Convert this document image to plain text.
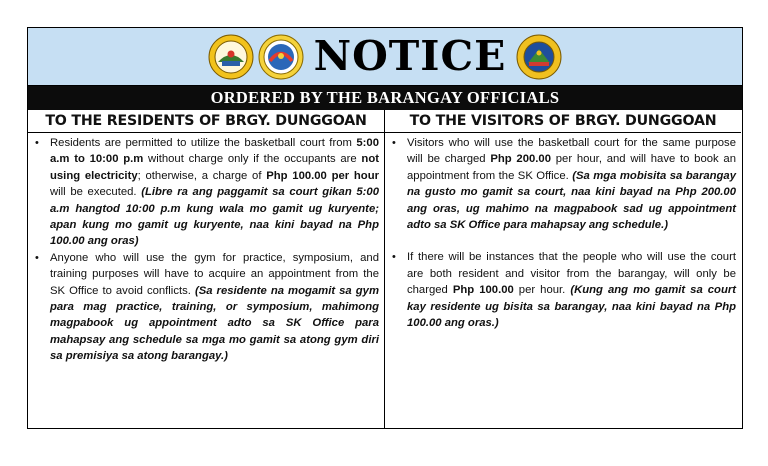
NOTICE
ORDERED BY THE BARANGAY OFFICIALS
TO THE RESIDENTS OF BRGY. DUNGGOAN
• Residents are permitted to utilize the basketball court from 5:00 a.m to 10:00 p.m without charge only if the occupants are not using electricity; otherwise, a charge of Php 100.00 per hour will be executed. (Libre ra ang paggamit sa court gikan 5:00 a.m hangtod 10:00 p.m kung wala mo gamit ug kuryente; apan kung mo gamit ug kuryente, naa kini bayad na Php 100.00 ang oras)
• Anyone who will use the gym for practice, symposium, and training purposes will have to acquire an appointment from the SK Office to avoid conflicts. (Sa residente na mogamit sa gym para mag practice, training, or symposium, mahimong magpabook ug appointment adto sa SK Office para mahapsay ang schedule sa mga mo gamit sa atong gym diri sa premisiya sa atong barangay.)
TO THE VISITORS OF BRGY. DUNGGOAN
• Visitors who will use the basketball court for the same purpose will be charged Php 200.00 per hour, and will have to book an appointment from the SK Office. (Sa mga mobisita sa barangay na gusto mo gamit sa court, naa kini bayad na Php 200.00 ang oras, ug mahimo na magpabook sad ug appointment adto sa SK Office para mahapsay ang schedule.)
• If there will be instances that the people who will use the court are both resident and visitor from the barangay, will only be charged Php 100.00 per hour. (Kung ang mo gamit sa court kay residente ug bisita sa barangay, naa kini bayad na Php 100.00 ang oras.)
